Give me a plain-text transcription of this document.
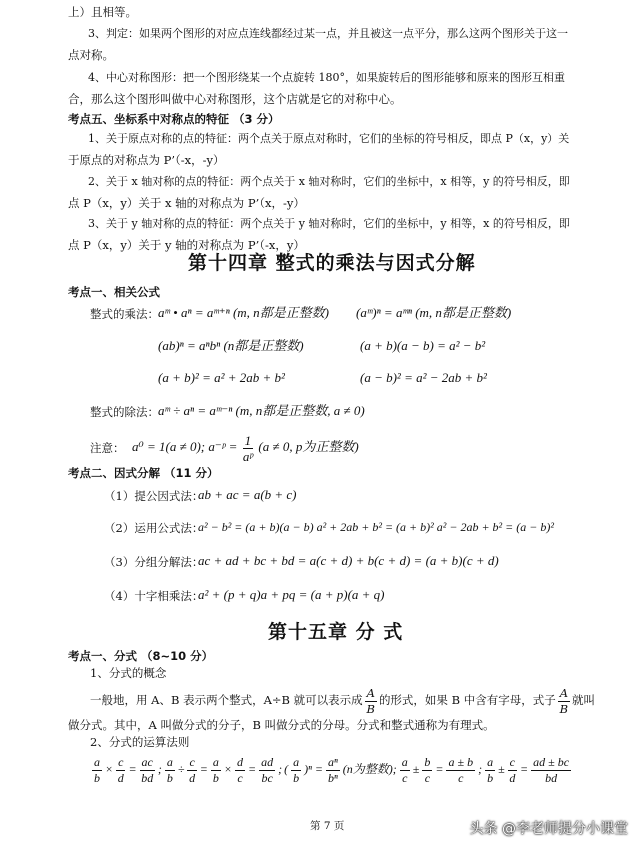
上）且相等。
3、判定：如果两个图形的对应点连线都经过某一点，并且被这一点平分，那么这两个图形关于这一
点对称。
4、中心对称图形：把一个图形绕某一个点旋转 180°，如果旋转后的图形能够和原来的图形互相重
合，那么这个图形叫做中心对称图形，这个店就是它的对称中心。
考点五、坐标系中对称点的特征 （3 分）
1、关于原点对称的点的特征：两个点关于原点对称时，它们的坐标的符号相反，即点 P（x，y）关
于原点的对称点为 P’（-x，-y）
2、关于 x 轴对称的点的特征：两个点关于 x 轴对称时，它们的坐标中，x 相等，y 的符号相反，即
点 P（x，y）关于 x 轴的对称点为 P’（x，-y）
3、关于 y 轴对称的点的特征：两个点关于 y 轴对称时，它们的坐标中，y 相等，x 的符号相反，即
点 P（x，y）关于 y 轴的对称点为 P’（-x，y）
第十四章 整式的乘法与因式分解
考点一、相关公式
整式的乘法： aᵐ • aⁿ = aᵐ⁺ⁿ (m, n都是正整数) (aᵐ)ⁿ = aᵐⁿ (m, n都是正整数)
(ab)ⁿ = aⁿbⁿ (n都是正整数)	(a + b)(a − b) = a² − b²
(a + b)² = a² + 2ab + b²	(a − b)² = a² − 2ab + b²
整式的除法： aᵐ ÷ aⁿ = aᵐ⁻ⁿ (m, n都是正整数, a ≠ 0)
注意： a⁰ = 1(a ≠ 0); a⁻ᵖ = $\frac{1}{\text{aᵖ}} (a \ne 0$, p为正整数)
考点二、因式分解 （11 分）
（1）提公因式法：
ab + ac = a(b + c)
（2）运用公式法：
a² − b² = (a + b)(a − b) a² + 2ab + b² = (a + b)² a² − 2ab + b² = (a − b)²
（3）分组分解法：
ac + ad + bc + bd = a(c + d) + b(c + d) = (a + b)(c + d)
（4）十字相乘法：
a² + (p + q)a + pq = (a + p)(a + q)
第十五章 分 式
考点一、分式 （8~10 分）
1、分式的概念
一般地，用 A、B 表示两个整式，A÷B 就可以表示成 $\frac{A}{B}$ 的形式，如果 B 中含有字母，式子 $\frac{A}{B}$ 就叫
做分式。其中，A 叫做分式的分子，B 叫做分式的分母。分式和整式通称为有理式。
2、分式的运算法则
$\frac{a}{b} \times \frac{c}{d} = \frac{ac}{bd}$ ; $\frac{a}{b} \div \frac{c}{d} = \frac{a}{b} \times \frac{d}{c} = \frac{ad}{bc}$ ; ( $\frac{a}{b} )^n = \frac{\text{aⁿ}}{\text{bⁿ}} (n$为整数); $\frac{a}{c} \pm \frac{b}{c} = \frac{a \pm b}{c}$ ; $\frac{a}{b} \pm \frac{c}{d} = \frac{ad \pm bc}{bd}$
第 7 页	头条 @李老师提分小课堂
